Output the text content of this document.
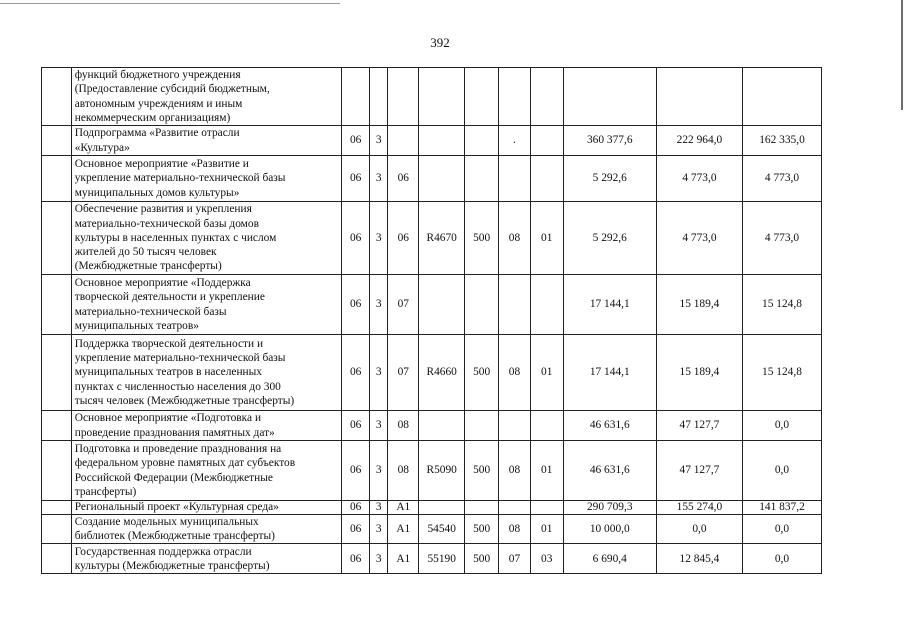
392
	функций бюджетного учреждения
(Предоставление субсидий бюджетным,
автономным учреждениям и иным
некоммерческим организациям)										
	Подпрограмма «Развитие отрасли
«Культура»	06	3				.		360 377,6	222 964,0	162 335,0
	Основное мероприятие «Развитие и
укрепление материально-технической базы
муниципальных домов культуры»	06	3	06					5 292,6	4 773,0	4 773,0
	Обеспечение развития и укрепления
материально-технической базы домов
культуры в населенных пунктах с числом
жителей до 50 тысяч человек
(Межбюджетные трансферты)	06	3	06	R4670	500	08	01	5 292,6	4 773,0	4 773,0
	Основное мероприятие «Поддержка
творческой деятельности и укрепление
материально-технической базы
муниципальных театров»	06	3	07					17 144,1	15 189,4	15 124,8
	Поддержка творческой деятельности и
укрепление материально-технической базы
муниципальных театров в населенных
пунктах с численностью населения до 300
тысяч человек (Межбюджетные трансферты)	06	3	07	R4660	500	08	01	17 144,1	15 189,4	15 124,8
	Основное мероприятие «Подготовка и
проведение празднования памятных дат»	06	3	08					46 631,6	47 127,7	0,0
	Подготовка и проведение празднования на
федеральном уровне памятных дат субъектов
Российской Федерации (Межбюджетные
трансферты)	06	3	08	R5090	500	08	01	46 631,6	47 127,7	0,0
	Региональный проект «Культурная среда»	06	3	A1					290 709,3	155 274,0	141 837,2
	Создание модельных муниципальных
библиотек (Межбюджетные трансферты)	06	3	A1	54540	500	08	01	10 000,0	0,0	0,0
	Государственная поддержка отрасли
культуры (Межбюджетные трансферты)	06	3	A1	55190	500	07	03	6 690,4	12 845,4	0,0
